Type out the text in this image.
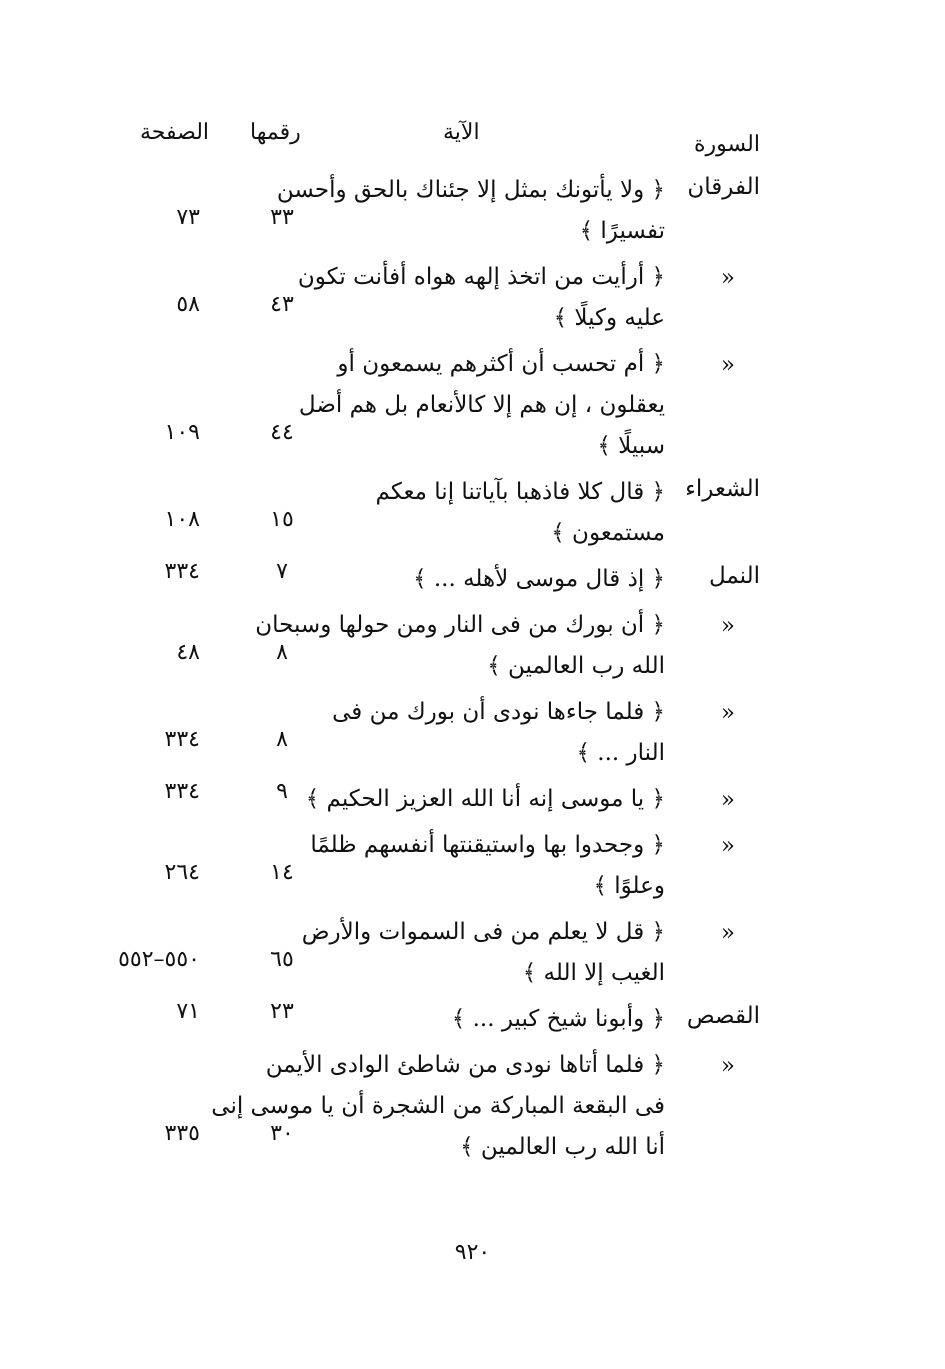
السورة
الآية
رقمها
الصفحة
الفرقان
﴿ ولا يأتونك بمثل إلا جئناك بالحق وأحسن
تفسيرًا ﴾
٣٣
٧٣
«
﴿ أرأيت من اتخذ إلهه هواه أفأنت تكون
عليه وكيلًا ﴾
٤٣
٥٨
«
﴿ أم تحسب أن أكثرهم يسمعون أو
يعقلون ، إن هم إلا كالأنعام بل هم أضل
سبيلًا ﴾
٤٤
١٠٩
الشعراء
﴿ قال كلا فاذهبا بآياتنا إنا معكم
مستمعون ﴾
١٥
١٠٨
النمل
﴿ إذ قال موسى لأهله ... ﴾
٧
٣٣٤
«
﴿ أن بورك من فى النار ومن حولها وسبحان
الله رب العالمين ﴾
٨
٤٨
«
﴿ فلما جاءها نودى أن بورك من فى
النار ... ﴾
٨
٣٣٤
«
﴿ يا موسى إنه أنا الله العزيز الحكيم ﴾
٩
٣٣٤
«
﴿ وجحدوا بها واستيقنتها أنفسهم ظلمًا
وعلوًا ﴾
١٤
٢٦٤
«
﴿ قل لا يعلم من فى السموات والأرض
الغيب إلا الله ﴾
٦٥
٥٥٠–٥٥٢
القصص
﴿ وأبونا شيخ كبير ... ﴾
٢٣
٧١
«
﴿ فلما أتاها نودى من شاطئ الوادى الأيمن
فى البقعة المباركة من الشجرة أن يا موسى إنى
أنا الله رب العالمين ﴾
٣٠
٣٣٥
٩٢٠
